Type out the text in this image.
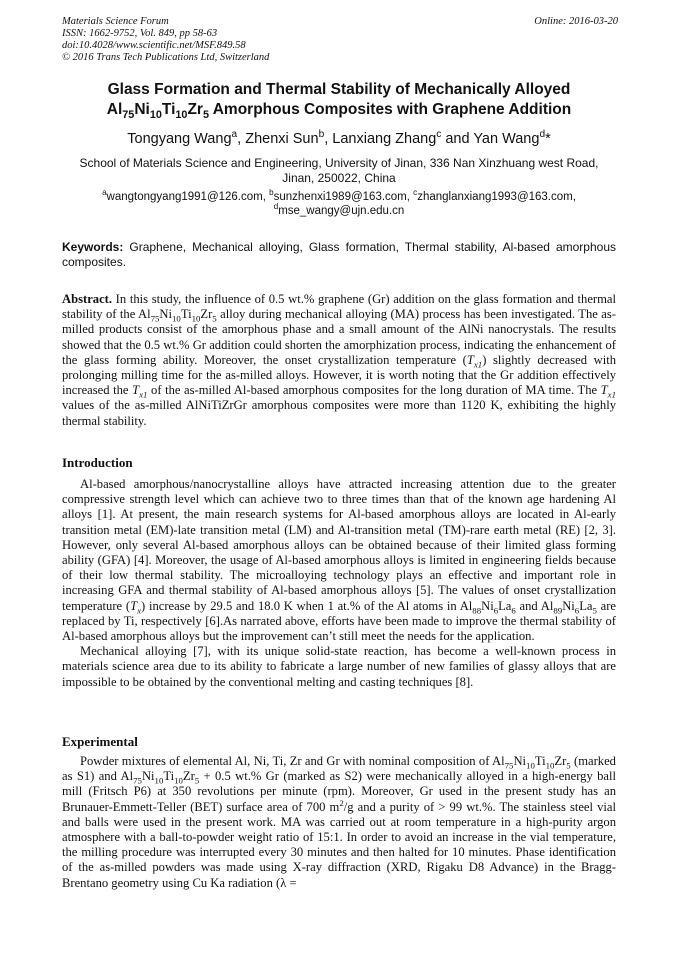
Materials Science Forum
ISSN: 1662-9752, Vol. 849, pp 58-63
doi:10.4028/www.scientific.net/MSF.849.58
© 2016 Trans Tech Publications Ltd, Switzerland
Online: 2016-03-20
Glass Formation and Thermal Stability of Mechanically Alloyed
$Al_{75}Ni_{10}Ti_{10}Zr_5$ Amorphous Composites with Graphene Addition
Tongyang Wang$^a$, Zhenxi Sun$^b$, Lanxiang Zhang$^c$ and Yan Wang$^d$*
School of Materials Science and Engineering, University of Jinan, 336 Nan Xinzhuang west Road,
Jinan, 250022, China
$^a$wangtongyang1991@126.com, $^b$sunzhenxi1989@163.com, $^c$zhanglanxiang1993@163.com,
$^d$mse_wangy@ujn.edu.cn
Keywords: Graphene, Mechanical alloying, Glass formation, Thermal stability, Al-based amorphous composites.

Abstract. In this study, the influence of 0.5 wt.% graphene (Gr) addition on the glass formation and thermal stability of the $Al_{75}Ni_{10}Ti_{10}Zr_5$ alloy during mechanical alloying (MA) process has been investigated. The as-milled products consist of the amorphous phase and a small amount of the AlNi nanocrystals. The results showed that the 0.5 wt.% Gr addition could shorten the amorphization process, indicating the enhancement of the glass forming ability. Moreover, the onset crystallization temperature $(T_{x1})$ slightly decreased with prolonging milling time for the as-milled alloys. However, it is worth noting that the Gr addition effectively increased the $T_{x1}$ of the as-milled Al-based amorphous composites for the long duration of MA time. The $T_{x1}$ values of the as-milled AlNiTiZrGr amorphous composites were more than 1120 K, exhibiting the highly thermal stability.

Introduction

Al-based amorphous/nanocrystalline alloys have attracted increasing attention due to the greater compressive strength level which can achieve two to three times than that of the known age hardening Al alloys [1]. At present, the main research systems for Al-based amorphous alloys are located in Al-early transition metal (EM)-late transition metal (LM) and Al-transition metal (TM)-rare earth metal (RE) [2, 3]. However, only several Al-based amorphous alloys can be obtained because of their limited glass forming ability (GFA) [4]. Moreover, the usage of Al-based amorphous alloys is limited in engineering fields because of their low thermal stability. The microalloying technology plays an effective and important role in increasing GFA and thermal stability of Al-based amorphous alloys [5]. The values of onset crystallization temperature $(T_x)$ increase by 29.5 and 18.0 K when 1 at.% of the Al atoms in $Al_{88}Ni_6La_6$ and $Al_{89}Ni_6La_5$ are replaced by Ti, respectively [6].As narrated above, efforts have been made to improve the thermal stability of Al-based amorphous alloys but the improvement can’t still meet the needs for the application.

Mechanical alloying [7], with its unique solid-state reaction, has become a well-known process in materials science area due to its ability to fabricate a large number of new families of glassy alloys that are impossible to be obtained by the conventional melting and casting techniques [8].

Experimental

Powder mixtures of elemental Al, Ni, Ti, Zr and Gr with nominal composition of $Al_{75}Ni_{10}Ti_{10}Zr_5$ (marked as S1) and $Al_{75}Ni_{10}Ti_{10}Zr_5 + 0.5$ wt.% Gr (marked as S2) were mechanically alloyed in a high-energy ball mill (Fritsch P6) at 350 revolutions per minute (rpm). Moreover, Gr used in the present study has an Brunauer-Emmett-Teller (BET) surface area of 700 $m^2/g$ and a purity of > 99 wt.%. The stainless steel vial and balls were used in the present work. MA was carried out at room temperature in a high-purity argon atmosphere with a ball-to-powder weight ratio of 15:1. In order to avoid an increase in the vial temperature, the milling procedure was interrupted every 30 minutes and then halted for 10 minutes. Phase identification of the as-milled powders was made using X-ray diffraction (XRD, Rigaku D8 Advance) in the Bragg-Brentano geometry using Cu Ka radiation (λ =
